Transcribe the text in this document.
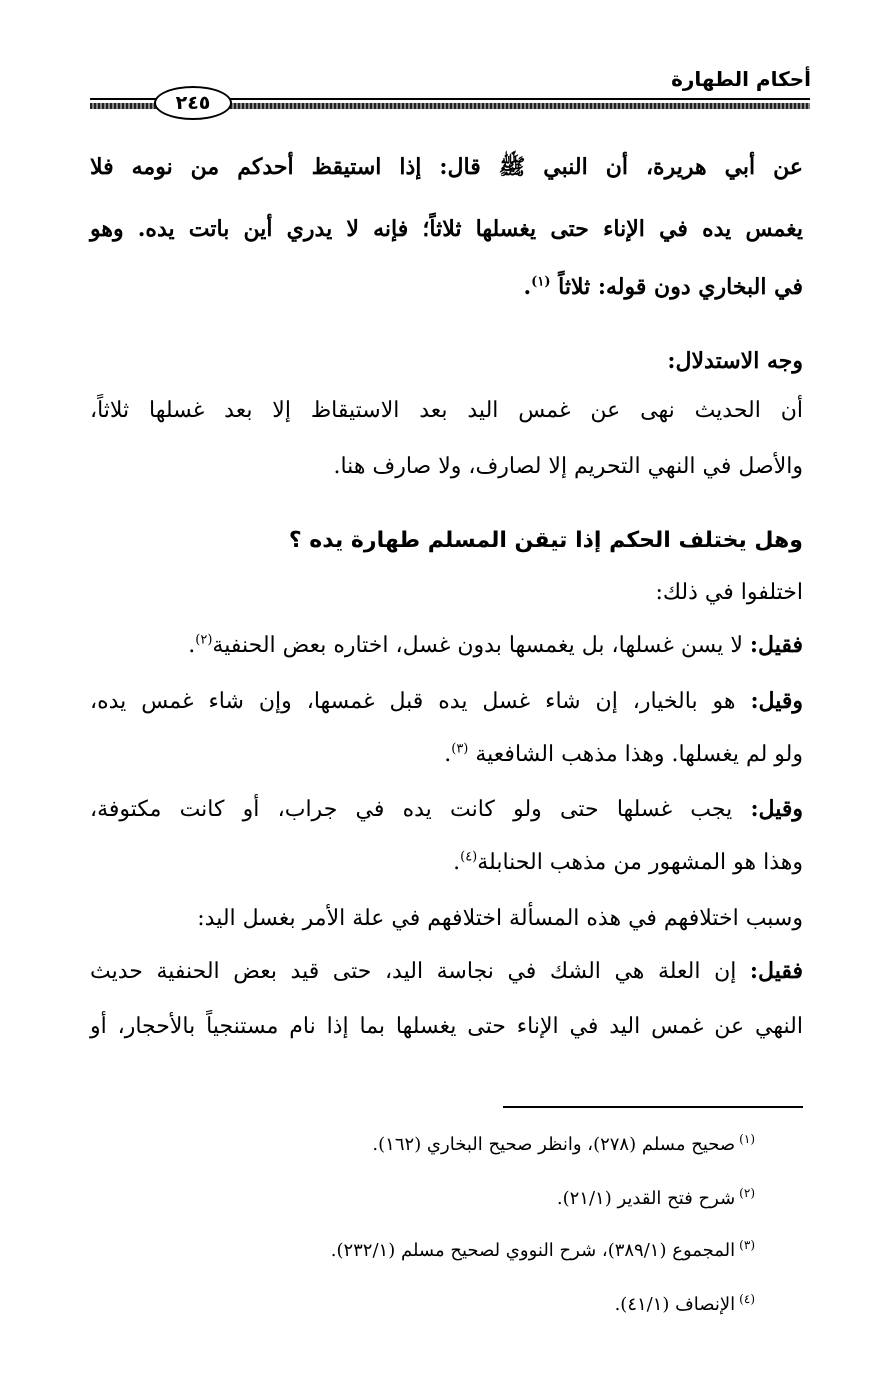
أحكام الطهارة
٢٤٥
عن أبي هريرة، أن النبي ﷺ قال: إذا استيقظ أحدكم من نومه فلا
يغمس يده في الإناء حتى يغسلها ثلاثاً؛ فإنه لا يدري أين باتت يده. وهو
في البخاري دون قوله: ثلاثاً $^{(١)}$.
وجه الاستدلال:
أن الحديث نهى عن غمس اليد بعد الاستيقاظ إلا بعد غسلها ثلاثاً،
والأصل في النهي التحريم إلا لصارف، ولا صارف هنا.
وهل يختلف الحكم إذا تيقن المسلم طهارة يده ؟
اختلفوا في ذلك:
فقيل: لا يسن غسلها، بل يغمسها بدون غسل، اختاره بعض الحنفية$^{(٢)}$.
وقيل: هو بالخيار، إن شاء غسل يده قبل غمسها، وإن شاء غمس يده،
ولو لم يغسلها. وهذا مذهب الشافعية $^{(٣)}$.
وقيل: يجب غسلها حتى ولو كانت يده في جراب، أو كانت مكتوفة،
وهذا هو المشهور من مذهب الحنابلة$^{(٤)}$.
وسبب اختلافهم في هذه المسألة اختلافهم في علة الأمر بغسل اليد:
فقيل: إن العلة هي الشك في نجاسة اليد، حتى قيد بعض الحنفية حديث
النهي عن غمس اليد في الإناء حتى يغسلها بما إذا نام مستنجياً بالأحجار، أو
$^{(١)}$صحيح مسلم (٢٧٨)، وانظر صحيح البخاري (١٦٢).
$^{(٢)}$شرح فتح القدير (٢١/١).
$^{(٣)}$المجموع (٣٨٩/١)، شرح النووي لصحيح مسلم (٢٣٢/١).
$^{(٤)}$الإنصاف (٤١/١).
